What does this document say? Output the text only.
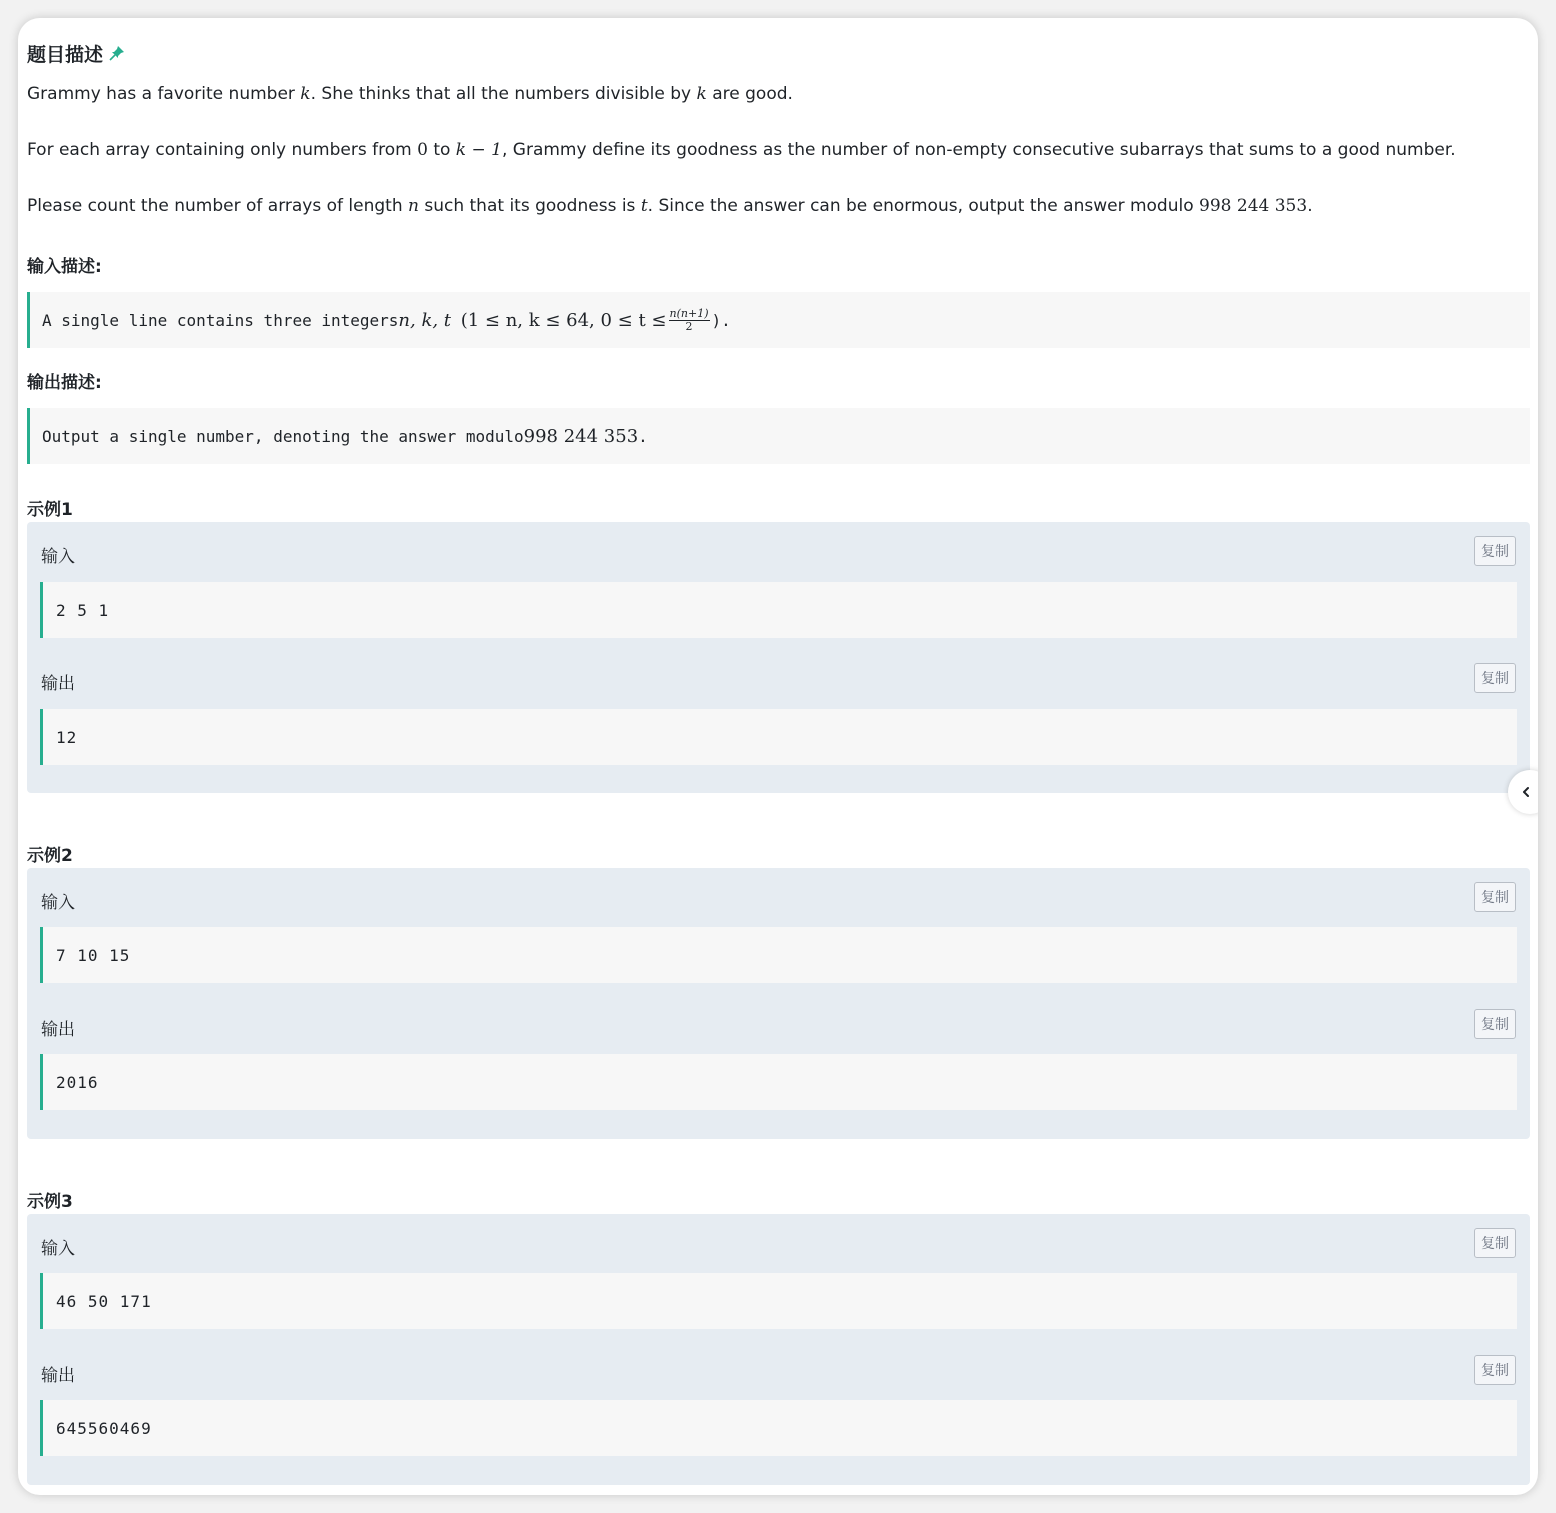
题目描述
Grammy has a favorite number k. She thinks that all the numbers divisible by k are good.
For each array containing only numbers from 0 to k − 1, Grammy define its goodness as the number of non-empty consecutive subarrays that sums to a good number.
Please count the number of arrays of length n such that its goodness is t. Since the answer can be enormous, output the answer modulo 998 244 353.
输入描述:
A single line contains three integers n, k, t
(1 ≤ n, k ≤ 64, $0 \le t \le \frac{n(n+1)}{2}$ ).
输出描述:
Output a single number, denoting the answer modulo 998 244 353 .
示例1
输入	复制
2 5 1
输出	复制
12
示例2
输入	复制
7 10 15
输出	复制
2016
示例3
输入	复制
46 50 171
输出	复制
645560469
